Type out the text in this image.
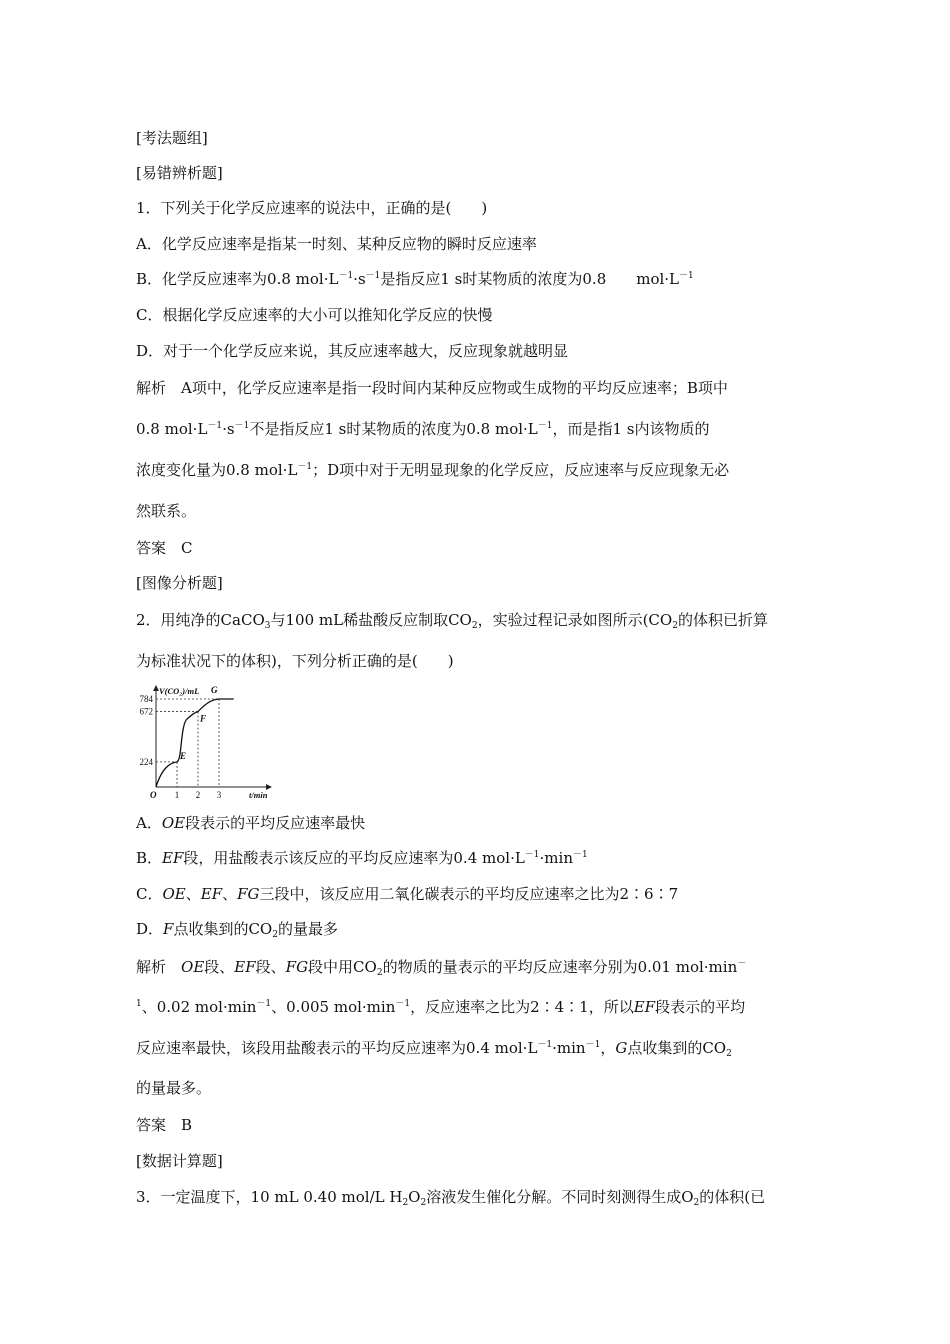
[考法题组]
[易错辨析题]
1．下列关于化学反应速率的说法中，正确的是(　　)
A．化学反应速率是指某一时刻、某种反应物的瞬时反应速率
B．化学反应速率为0.8 $mol\cdot L^{-1}\cdot s^{-1}$是指反应1 s时某物质的浓度为0.8　　$mol\cdot L^{-1}$
C．根据化学反应速率的大小可以推知化学反应的快慢
D．对于一个化学反应来说，其反应速率越大，反应现象就越明显
解析　A项中，化学反应速率是指一段时间内某种反应物或生成物的平均反应速率；B项中
0.8 $mol\cdot L^{-1}\cdot s^{-1}$不是指反应1 s时某物质的浓度为0.8 $mol\cdot L^{-1}$，而是指1 s内该物质的
浓度变化量为0.8 $mol\cdot L^{-1}$；D项中对于无明显现象的化学反应，反应速率与反应现象无必
然联系。
答案　C
[图像分析题]
2．用纯净的CaCO$_3$与100 mL稀盐酸反应制取$CO_2$，实验过程记录如图所示($CO_2$的体积已折算
为标准状况下的体积)，下列分析正确的是(　　)
224
672
784
1 2 3
O
E
F
G
V(CO₂)/mL
t/min
A．OE段表示的平均反应速率最快
B．EF段，用盐酸表示该反应的平均反应速率为0.4 $mol\cdot L^{-1}\cdot\min^{-1}$
C．OE、EF、FG三段中，该反应用二氧化碳表示的平均反应速率之比为2∶6∶7
D．F点收集到的$CO_2$的量最多
解析　OE段、EF段、FG段中用$CO_2$的物质的量表示的平均反应速率分别为0.01 mol·min－
$^1$、0.02 $mol\cdot\min^{-1}$、0.005 $mol\cdot\min^{-1}$，反应速率之比为2∶4∶1，所以EF段表示的平均
反应速率最快，该段用盐酸表示的平均反应速率为0.4 $mol\cdot L^{-1}\cdot\min^{-1}$，G点收集到的$CO_2$
的量最多。
答案　B
[数据计算题]
3．一定温度下，10 mL 0.40 mol/L $H_2O_2$溶液发生催化分解。不同时刻测得生成$O_2$的体积(已
